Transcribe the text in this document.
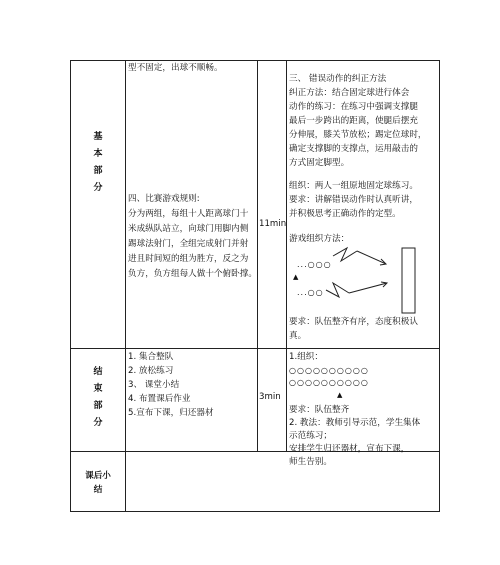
基本部分
结束部分
课后小结
11min
3min
型不固定，出球不顺畅。
四、比赛游戏规则:
分为两组，每组十人距离球门十
米成纵队站立，向球门用脚内侧
踢球法射门，全组完成射门并射
进且时间短的组为胜方，反之为
负方，负方组每人做十个俯卧撑。
三、 错误动作的纠正方法
纠正方法：结合固定球进行体会
动作的练习：在练习中强调支撑腿
最后一步跨出的距离，使腿后摆充
分伸展，膝关节放松；踢定位球时，
确定支撑脚的支撑点，运用敲击的
方式固定脚型。
组织：两人一组原地固定球练习。
要求：讲解错误动作时认真听讲，
并积极思考正确动作的定型。
游戏组织方法：
...○○○
▲
...○○
要求：队伍整齐有序，态度积极认
真。
1. 集合整队
2. 放松练习
3、 课堂小结
4. 布置课后作业
5.宣布下课，归还器材
1.组织：
○○○○○○○○○○
○○○○○○○○○○
▲
要求：队伍整齐
2. 教法：教师引导示范，学生集体
示范练习；
安排学生归还器材，宣布下课，
师生告别。
